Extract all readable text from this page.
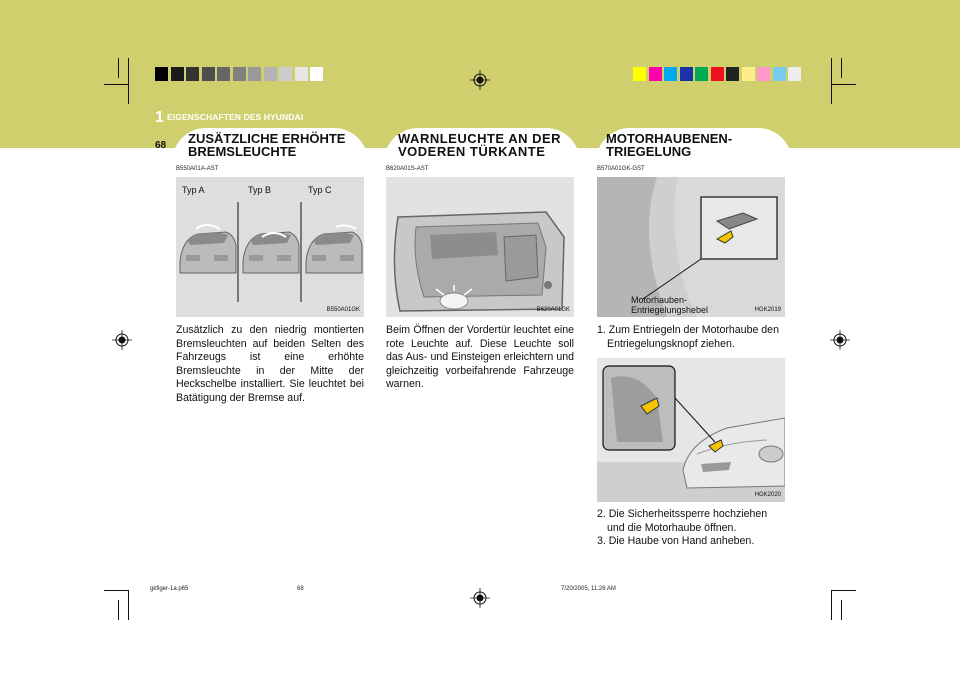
1 EIGENSCHAFTEN DES HYUNDAI
68 ZUSÄTZLICHE ERHÖHTE
BREMSLEUCHTE
B550A01A-AST
Typ A	Typ B	Typ C
B550A01GK
Zusätzlich zu den niedrig montierten Bremsleuchten auf beiden Selten des Fahrzeugs ist eine erhöhte Bremsleuchte in der Mitte der Heckschelbe installiert. Sie leuchtet bei Batätigung der Bremse auf.
WARNLEUCHTE AN DER
VODEREN TÜRKANTE
B620A01S-AST
B620A01GK
Beim Öffnen der Vordertür leuchtet eine rote Leuchte auf. Diese Leuchte soll das Aus- und Einsteigen erleichtern und gleichzeitig vorbeifahrende Fahrzeuge warnen.
MOTORHAUBENEN-
TRIEGELUNG
B570A01GK-GST
Motorhauben-
Entriegelungshebel	HGK2019
1. Zum Entriegeln der Motorhaube den Entriegelungsknopf ziehen.
HGK2020
2. Die Sicherheitssperre hochziehen und die Motorhaube öffnen.
3. Die Haube von Hand anheben.
gkfiger-1a.p65	68	7/20/2005, 11:26 AM
